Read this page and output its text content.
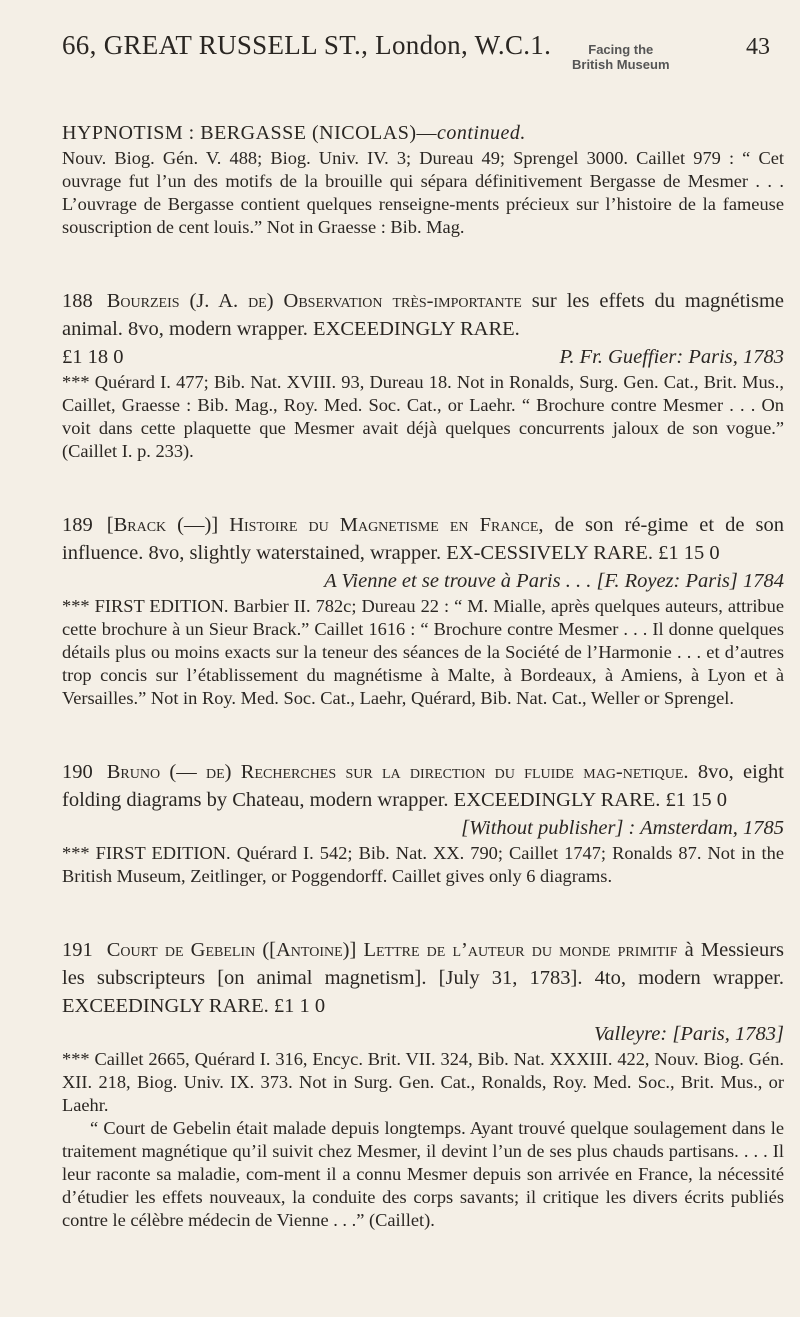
66, GREAT RUSSELL ST., London, W.C.1.	Facing the
British Museum
43

HYPNOTISM : BERGASSE (NICOLAS)—continued.

Nouv. Biog. Gén. V. 488; Biog. Univ. IV. 3; Dureau 49; Sprengel 3000. Caillet 979 : “ Cet ouvrage fut l’un des motifs de la brouille qui sépara définitivement Bergasse de Mesmer . . . L’ouvrage de Bergasse contient quelques renseigne-ments précieux sur l’histoire de la fameuse souscription de cent louis.” Not in Graesse : Bib. Mag.

188 Bourzeis (J. A. de) Observation très-importante sur les effets du magnétisme animal. 8vo, modern wrapper. EXCEEDINGLY RARE.

£1 18 0	P. Fr. Gueffier: Paris, 1783

*** Quérard I. 477; Bib. Nat. XVIII. 93, Dureau 18. Not in Ronalds, Surg. Gen. Cat., Brit. Mus., Caillet, Graesse : Bib. Mag., Roy. Med. Soc. Cat., or Laehr. “ Brochure contre Mesmer . . . On voit dans cette plaquette que Mesmer avait déjà quelques concurrents jaloux de son vogue.” (Caillet I. p. 233).

189 [Brack (—)] Histoire du Magnetisme en France, de son ré-gime et de son influence. 8vo, slightly waterstained, wrapper. EX-CESSIVELY RARE. £1 15 0

A Vienne et se trouve à Paris . . . [F. Royez: Paris] 1784

*** FIRST EDITION. Barbier II. 782c; Dureau 22 : “ M. Mialle, après quelques auteurs, attribue cette brochure à un Sieur Brack.” Caillet 1616 : “ Brochure contre Mesmer . . . Il donne quelques détails plus ou moins exacts sur la teneur des séances de la Société de l’Harmonie . . . et d’autres trop concis sur l’établissement du magnétisme à Malte, à Bordeaux, à Amiens, à Lyon et à Versailles.” Not in Roy. Med. Soc. Cat., Laehr, Quérard, Bib. Nat. Cat., Weller or Sprengel.

190 Bruno (— de) Recherches sur la direction du fluide mag-netique. 8vo, eight folding diagrams by Chateau, modern wrapper. EXCEEDINGLY RARE. £1 15 0

[Without publisher] : Amsterdam, 1785

*** FIRST EDITION. Quérard I. 542; Bib. Nat. XX. 790; Caillet 1747; Ronalds 87. Not in the British Museum, Zeitlinger, or Poggendorff. Caillet gives only 6 diagrams.

191 Court de Gebelin ([Antoine)] Lettre de l’auteur du monde primitif à Messieurs les subscripteurs [on animal magnetism]. [July 31, 1783]. 4to, modern wrapper. EXCEEDINGLY RARE. £1 1 0

Valleyre: [Paris, 1783]

*** Caillet 2665, Quérard I. 316, Encyc. Brit. VII. 324, Bib. Nat. XXXIII. 422, Nouv. Biog. Gén. XII. 218, Biog. Univ. IX. 373. Not in Surg. Gen. Cat., Ronalds, Roy. Med. Soc., Brit. Mus., or Laehr.

“ Court de Gebelin était malade depuis longtemps. Ayant trouvé quelque soulagement dans le traitement magnétique qu’il suivit chez Mesmer, il devint l’un de ses plus chauds partisans. . . . Il leur raconte sa maladie, com-ment il a connu Mesmer depuis son arrivée en France, la nécessité d’étudier les effets nouveaux, la conduite des corps savants; il critique les divers écrits publiés contre le célèbre médecin de Vienne . . .” (Caillet).
